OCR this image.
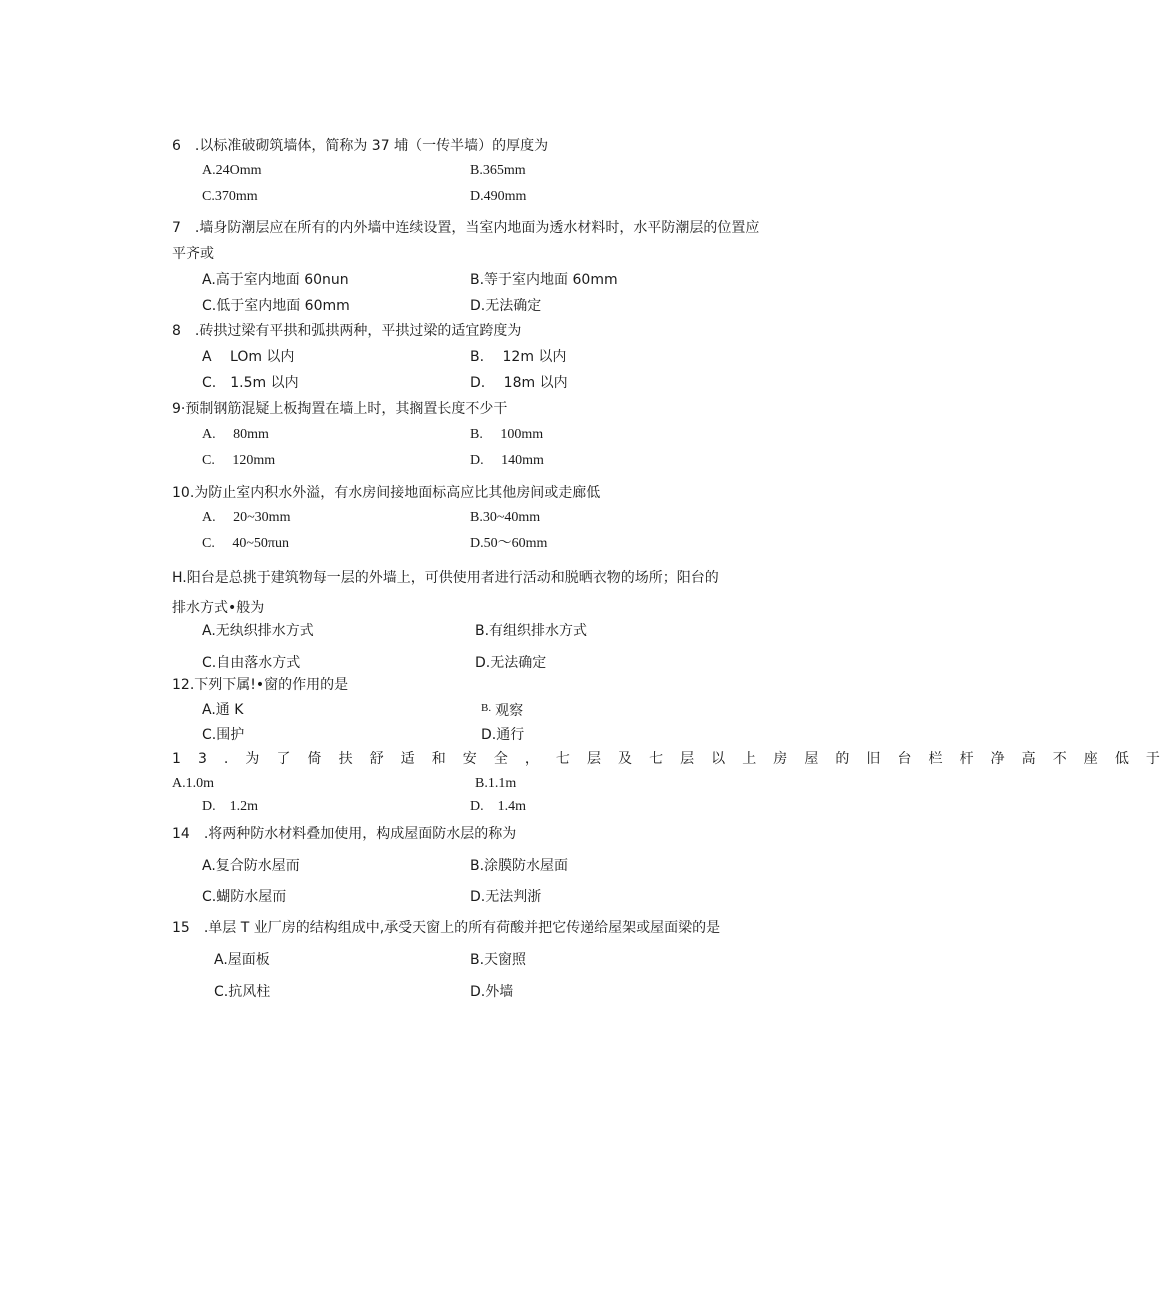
6　.以标准破砌筑墙体，简称为 37 埔（一传半墙）的厚度为
A.24Omm	B.365mm
C.370mm	D.490mm
7　.墙身防潮层应在所有的内外墙中连续设置，当室内地面为透水材料时，水平防潮层的位置应
平齐或
A.高于室内地面 60nun	B.等于室内地面 60mm
C.低于室内地面 60mm	D.无法确定
8　.砖拱过梁有平拱和弧拱两种，平拱过梁的适宜跨度为
A　 LOm 以内	B.　 12m 以内
C.　1.5m 以内	D.　 18m 以内
9·预制钢筋混疑上板掏置在墙上时，其搁置长度不少干
A.　 80mm	B.　 100mm
C.　 120mm	D.　 140mm
10.为防止室内积水外溢，有水房间接地面标高应比其他房间或走廊低
A.　 20~30mm	B.30~40mm
C.　 40~50πun	D.50～60mm
H.阳台是总挑于建筑物每一层的外墙上，可供使用者进行活动和脱晒衣物的场所；阳台的
排水方式•般为
A.无纨织排水方式	B.有组织排水方式
C.自由落水方式	D.无法确定
12.下列下属!•窗的作用的是
A.通 K	$^{B.}$ 观察
C.围护	D.通行
1 3 . 为 了 倚 扶 舒 适 和 安 全 ， 七 层 及 七 层 以 上 房 屋 的 旧 台 栏 杆 净 高 不 座 低 于
A.1.0m	B.1.1m
D.　1.2m	D.　1.4m
14　.将两种防水材料叠加使用，构成屋面防水层的称为
A.复合防水屋而	B.涂膜防水屋面
C.蝴防水屋而	D.无法判浙
15　.单层 T 业厂房的结构组成中,承受天窗上的所有荷酸并把它传递给屋架或屋面梁的是
A.屋面板	B.天窗照
C.抗风柱	D.外墙
